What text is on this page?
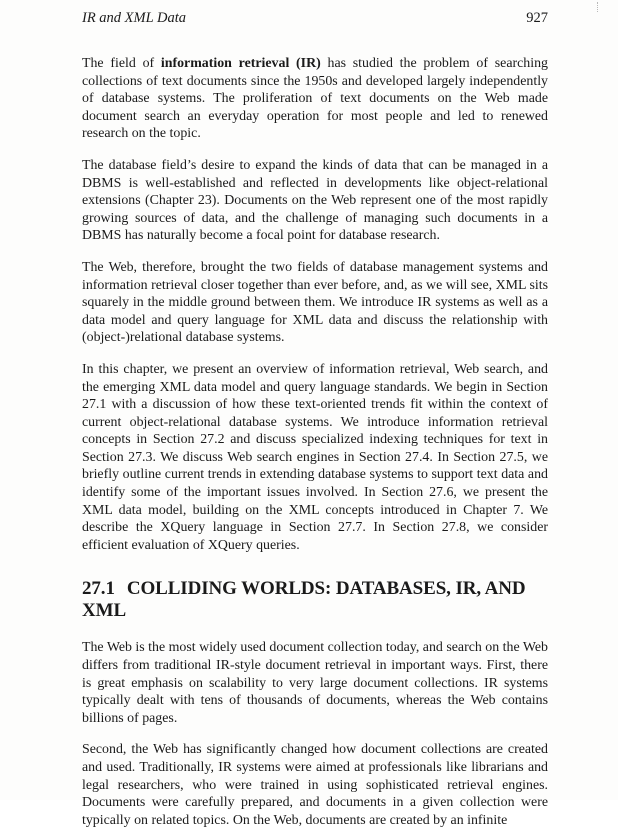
IR and XML Data	927

The field of information retrieval (IR) has studied the problem of searching collections of text documents since the 1950s and developed largely independently of database systems. The proliferation of text documents on the Web made document search an everyday operation for most people and led to renewed research on the topic.

The database field’s desire to expand the kinds of data that can be managed in a DBMS is well-established and reflected in developments like object-relational extensions (Chapter 23). Documents on the Web represent one of the most rapidly growing sources of data, and the challenge of managing such documents in a DBMS has naturally become a focal point for database research.

The Web, therefore, brought the two fields of database management systems and information retrieval closer together than ever before, and, as we will see, XML sits squarely in the middle ground between them. We introduce IR systems as well as a data model and query language for XML data and discuss the relationship with (object-)relational database systems.

In this chapter, we present an overview of information retrieval, Web search, and the emerging XML data model and query language standards. We begin in Section 27.1 with a discussion of how these text-oriented trends fit within the context of current object-relational database systems. We introduce information retrieval concepts in Section 27.2 and discuss specialized indexing techniques for text in Section 27.3. We discuss Web search engines in Section 27.4. In Section 27.5, we briefly outline current trends in extending database systems to support text data and identify some of the important issues involved. In Section 27.6, we present the XML data model, building on the XML concepts introduced in Chapter 7. We describe the XQuery language in Section 27.7. In Section 27.8, we consider efficient evaluation of XQuery queries.

27.1 COLLIDING WORLDS: DATABASES, IR, AND XML

The Web is the most widely used document collection today, and search on the Web differs from traditional IR-style document retrieval in important ways. First, there is great emphasis on scalability to very large document collections. IR systems typically dealt with tens of thousands of documents, whereas the Web contains billions of pages.

Second, the Web has significantly changed how document collections are created and used. Traditionally, IR systems were aimed at professionals like librarians and legal researchers, who were trained in using sophisticated retrieval engines. Documents were carefully prepared, and documents in a given collection were typically on related topics. On the Web, documents are created by an infinite
